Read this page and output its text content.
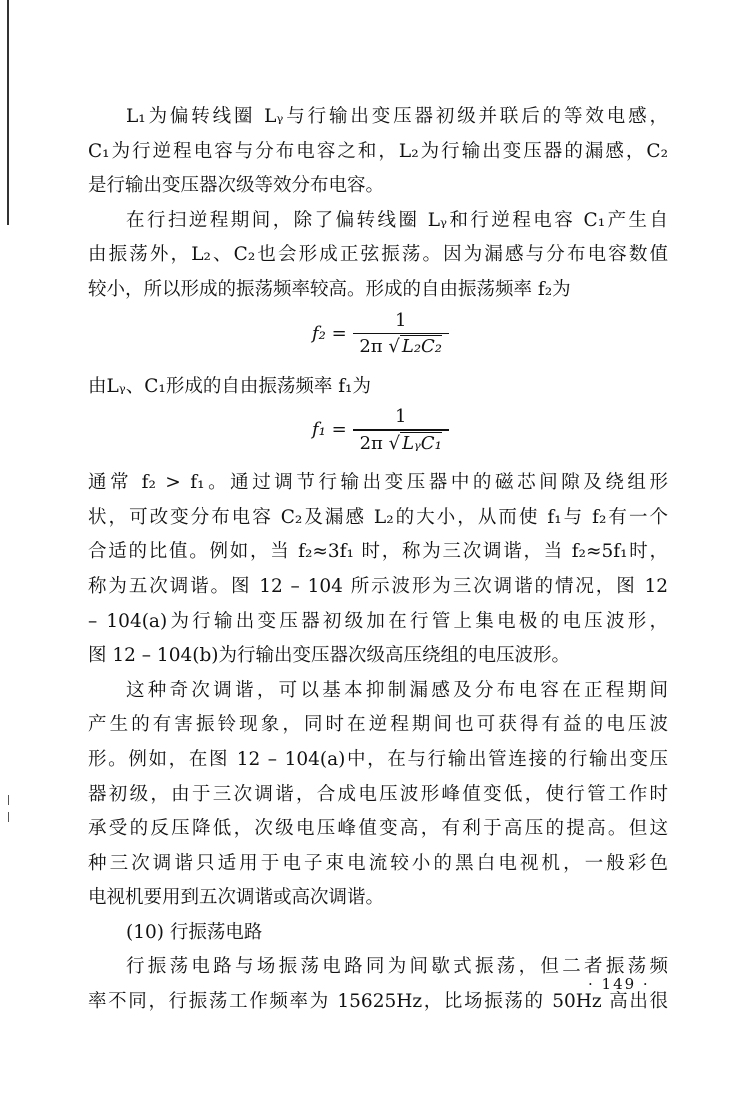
L₁为偏转线圈 Lᵧ与行输出变压器初级并联后的等效电感，
C₁为行逆程电容与分布电容之和，L₂为行输出变压器的漏感，C₂
是行输出变压器次级等效分布电容。
在行扫逆程期间，除了偏转线圈 Lᵧ和行逆程电容 C₁产生自
由振荡外，L₂、C₂也会形成正弦振荡。因为漏感与分布电容数值
较小，所以形成的振荡频率较高。形成的自由振荡频率 f₂为
$f_2 = \frac{1}{\text{2π √ L₂C₂}}$
由Lᵧ、C₁形成的自由振荡频率 f₁为
$f_1 = \frac{1}{\text{2π √ LᵧC₁}}$
通常 f₂ > f₁。通过调节行输出变压器中的磁芯间隙及绕组形
状，可改变分布电容 C₂及漏感 L₂的大小，从而使 f₁与 f₂有一个
合适的比值。例如，当 f₂≈3f₁ 时，称为三次调谐，当 f₂≈5f₁时，
称为五次调谐。图 12 – 104 所示波形为三次调谐的情况，图 12
– 104(a)为行输出变压器初级加在行管上集电极的电压波形，
图 12 – 104(b)为行输出变压器次级高压绕组的电压波形。
这种奇次调谐，可以基本抑制漏感及分布电容在正程期间
产生的有害振铃现象，同时在逆程期间也可获得有益的电压波
形。例如，在图 12 – 104(a)中，在与行输出管连接的行输出变压
器初级，由于三次调谐，合成电压波形峰值变低，使行管工作时
承受的反压降低，次级电压峰值变高，有利于高压的提高。但这
种三次调谐只适用于电子束电流较小的黑白电视机，一般彩色
电视机要用到五次调谐或高次调谐。
(10) 行振荡电路
行振荡电路与场振荡电路同为间歇式振荡，但二者振荡频
率不同，行振荡工作频率为 15625Hz，比场振荡的 50Hz 高出很
· 149 ·
